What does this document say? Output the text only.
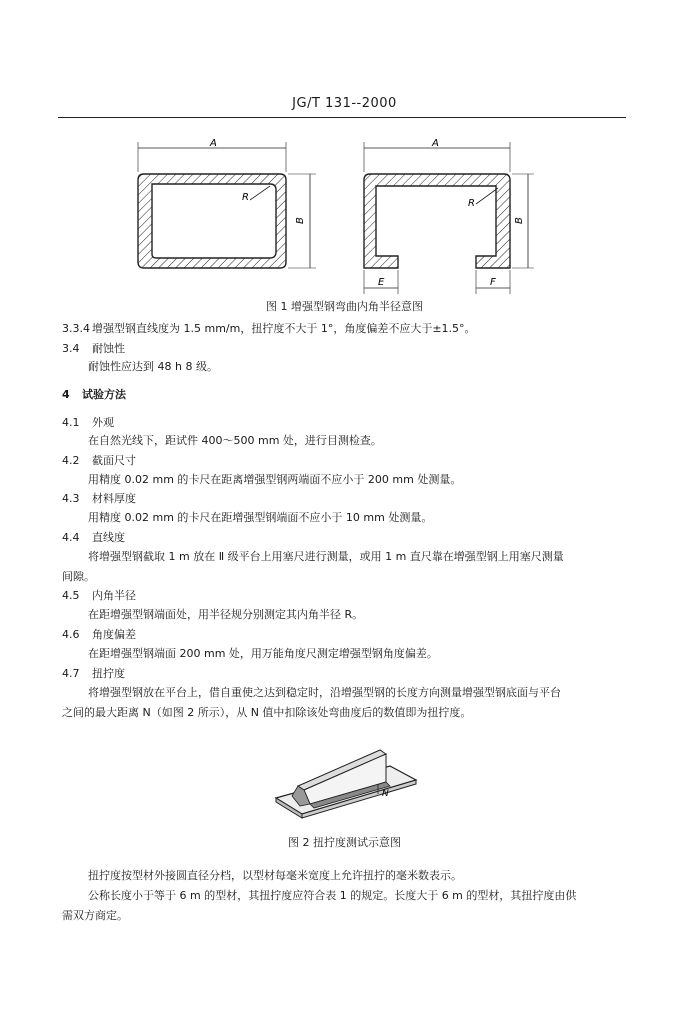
JG/T 131--2000
A
B
R
A
B
R
E	F
图 1 增强型钢弯曲内角半径意图
3.3.4 增强型钢直线度为 1.5 mm/m，扭拧度不大于 1°，角度偏差不应大于±1.5°。
3.4 耐蚀性
耐蚀性应达到 48 h 8 级。
4 试验方法
4.1 外观
在自然光线下，距试件 400～500 mm 处，进行目测检查。
4.2 截面尺寸
用精度 0.02 mm 的卡尺在距离增强型钢两端面不应小于 200 mm 处测量。
4.3 材料厚度
用精度 0.02 mm 的卡尺在距增强型钢端面不应小于 10 mm 处测量。
4.4 直线度
将增强型钢截取 1 m 放在 Ⅱ 级平台上用塞尺进行测量，或用 1 m 直尺靠在增强型钢上用塞尺测量
间隙。
4.5 内角半径
在距增强型钢端面处，用半径规分别测定其内角半径 R。
4.6 角度偏差
在距增强型钢端面 200 mm 处，用万能角度尺测定增强型钢角度偏差。
4.7 扭拧度
将增强型钢放在平台上，借自重使之达到稳定时，沿增强型钢的长度方向测量增强型钢底面与平台
之间的最大距离 N（如图 2 所示），从 N 值中扣除该处弯曲度后的数值即为扭拧度。
N
图 2 扭拧度测试示意图
扭拧度按型材外接圆直径分档，以型材每毫米宽度上允许扭拧的毫米数表示。
公称长度小于等于 6 m 的型材，其扭拧度应符合表 1 的规定。长度大于 6 m 的型材，其扭拧度由供
需双方商定。
